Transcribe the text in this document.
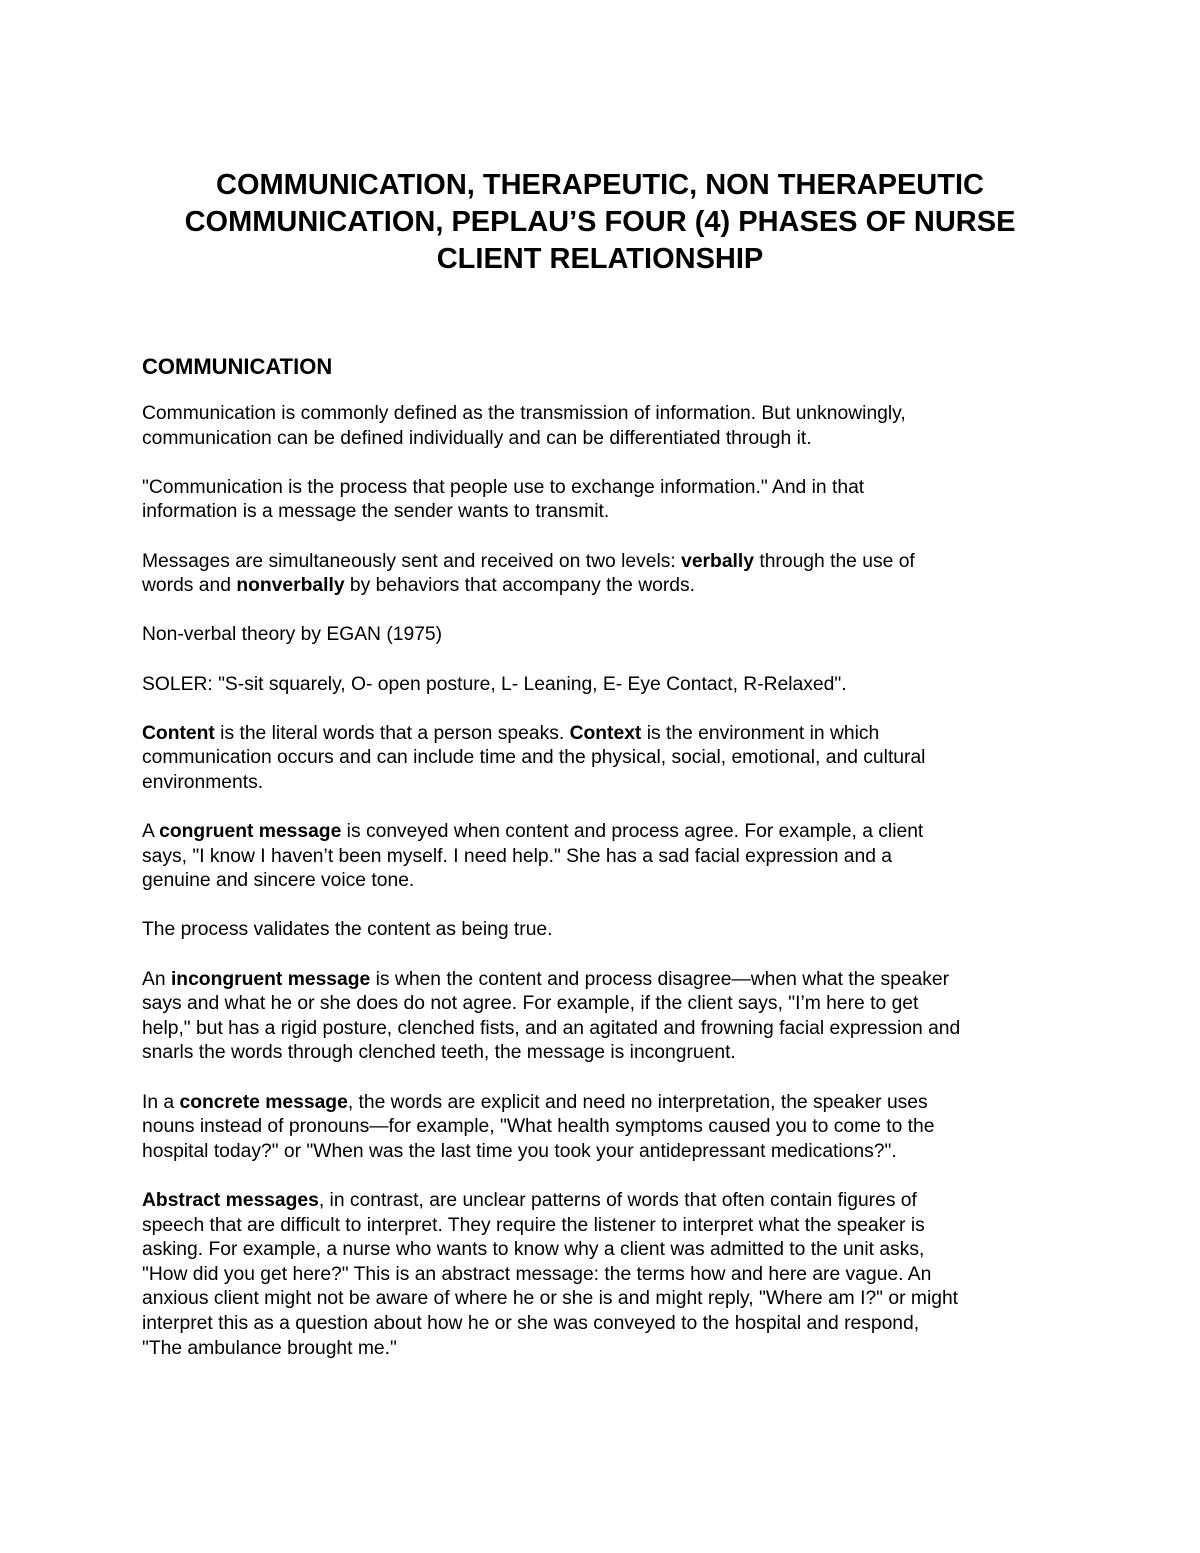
COMMUNICATION, THERAPEUTIC, NON THERAPEUTIC
COMMUNICATION, PEPLAU’S FOUR (4) PHASES OF NURSE
CLIENT RELATIONSHIP
COMMUNICATION

Communication is commonly defined as the transmission of information. But unknowingly,
communication can be defined individually and can be differentiated through it.

"Communication is the process that people use to exchange information." And in that
information is a message the sender wants to transmit.

Messages are simultaneously sent and received on two levels: verbally through the use of
words and nonverbally by behaviors that accompany the words.

Non-verbal theory by EGAN (1975)

SOLER: "S-sit squarely, O- open posture, L- Leaning, E- Eye Contact, R-Relaxed".

Content is the literal words that a person speaks. Context is the environment in which
communication occurs and can include time and the physical, social, emotional, and cultural
environments.

A congruent message is conveyed when content and process agree. For example, a client
says, "I know I haven’t been myself. I need help." She has a sad facial expression and a
genuine and sincere voice tone.

The process validates the content as being true.

An incongruent message is when the content and process disagree—when what the speaker
says and what he or she does do not agree. For example, if the client says, "I’m here to get
help," but has a rigid posture, clenched fists, and an agitated and frowning facial expression and
snarls the words through clenched teeth, the message is incongruent.

In a concrete message, the words are explicit and need no interpretation, the speaker uses
nouns instead of pronouns—for example, "What health symptoms caused you to come to the
hospital today?" or "When was the last time you took your antidepressant medications?".

Abstract messages, in contrast, are unclear patterns of words that often contain figures of
speech that are difficult to interpret. They require the listener to interpret what the speaker is
asking. For example, a nurse who wants to know why a client was admitted to the unit asks,
"How did you get here?" This is an abstract message: the terms how and here are vague. An
anxious client might not be aware of where he or she is and might reply, "Where am I?" or might
interpret this as a question about how he or she was conveyed to the hospital and respond,
"The ambulance brought me."
